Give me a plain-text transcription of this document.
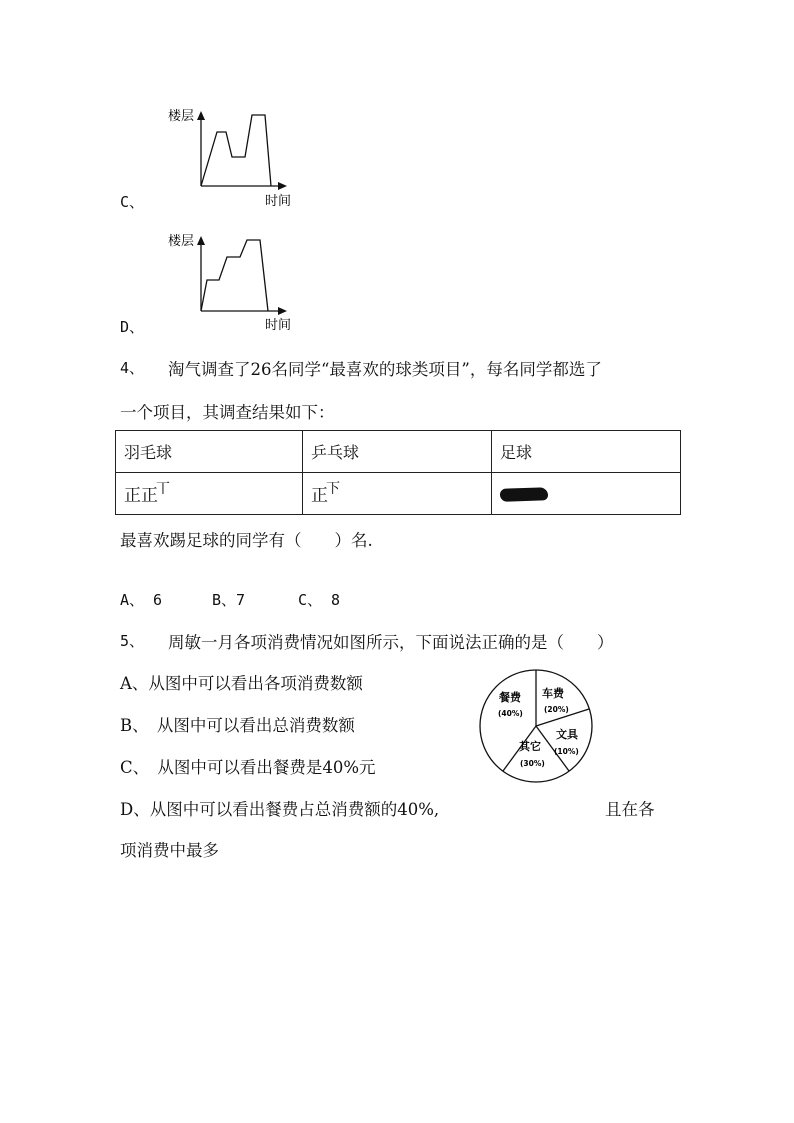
楼层
时间
C、
楼层
时间
D、
4、 淘气调查了26名同学“最喜欢的球类项目”，每名同学都选了
一个项目，其调查结果如下：
羽毛球	乒乓球	足球
正正丅	正下	
最喜欢踢足球的同学有（　　）名.
A、 6	B、7	C、 8
5、 周敏一月各项消费情况如图所示，下面说法正确的是（　　）
A、从图中可以看出各项消费数额
B、　从图中可以看出总消费数额
C、　从图中可以看出餐费是40%元
D、从图中可以看出餐费占总消费额的40%,	且在各
项消费中最多
餐费
(40%)
车费
(20%)
文具
(10%)
其它
(30%)
